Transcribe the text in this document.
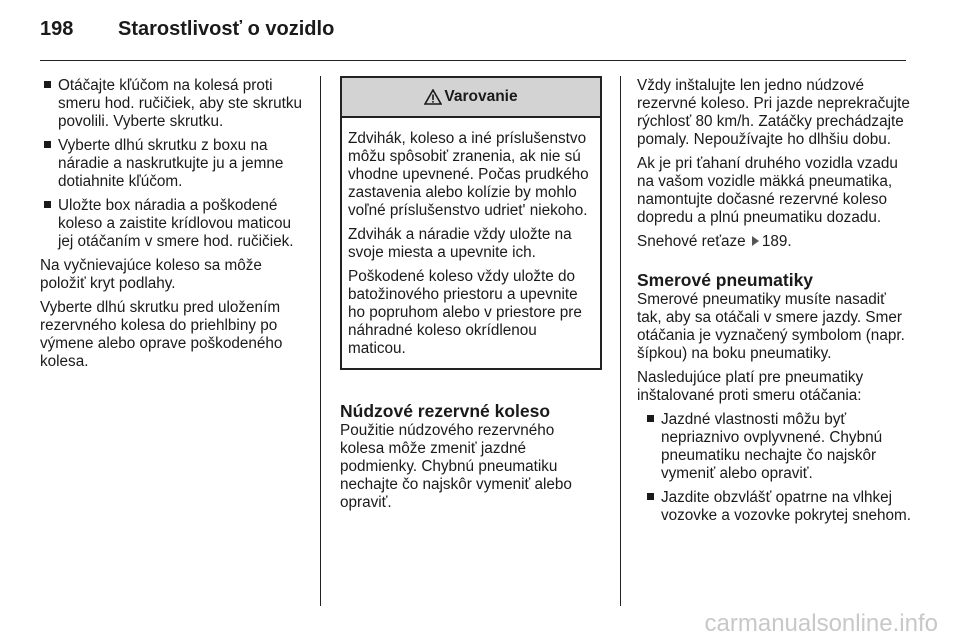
198 Starostlivosť o vozidlo
Otáčajte kľúčom na kolesá proti smeru hod. ručičiek, aby ste skrutku povolili. Vyberte skrutku.
Vyberte dlhú skrutku z boxu na náradie a naskrutkujte ju a jemne dotiahnite kľúčom.
Uložte box náradia a poškodené koleso a zaistite krídlovou maticou jej otáčaním v smere hod. ručičiek.

Na vyčnievajúce koleso sa môže položiť kryt podlahy.

Vyberte dlhú skrutku pred uložením rezervného kolesa do priehlbiny po výmene alebo oprave poškodeného kolesa.

Varovanie

Zdvihák, koleso a iné príslušenstvo môžu spôsobiť zranenia, ak nie sú vhodne upevnené. Počas prudkého zastavenia alebo kolízie by mohlo voľné príslušenstvo udriet' niekoho.

Zdvihák a náradie vždy uložte na svoje miesta a upevnite ich.

Poškodené koleso vždy uložte do batožinového priestoru a upevnite ho popruhom alebo v priestore pre náhradné koleso okrídlenou maticou.

Núdzové rezervné koleso

Použitie núdzového rezervného kolesa môže zmeniť jazdné podmienky. Chybnú pneumatiku nechajte čo najskôr vymeniť alebo opraviť.

Vždy inštalujte len jedno núdzové rezervné koleso. Pri jazde neprekračujte rýchlosť 80 km/h. Zatáčky prechádzajte pomaly. Nepoužívajte ho dlhšiu dobu.

Ak je pri ťahaní druhého vozidla vzadu na vašom vozidle mäkká pneumatika, namontujte dočasné rezervné koleso dopredu a plnú pneumatiku dozadu.

Snehové reťaze 189.

Smerové pneumatiky

Smerové pneumatiky musíte nasadiť tak, aby sa otáčali v smere jazdy. Smer otáčania je vyznačený symbolom (napr. šípkou) na boku pneumatiky.

Nasledujúce platí pre pneumatiky inštalované proti smeru otáčania:

Jazdné vlastnosti môžu byť nepriaznivo ovplyvnené. Chybnú pneumatiku nechajte čo najskôr vymeniť alebo opraviť.
Jazdite obzvlášť opatrne na vlhkej vozovke a vozovke pokrytej snehom.
carmanualsonline.info
